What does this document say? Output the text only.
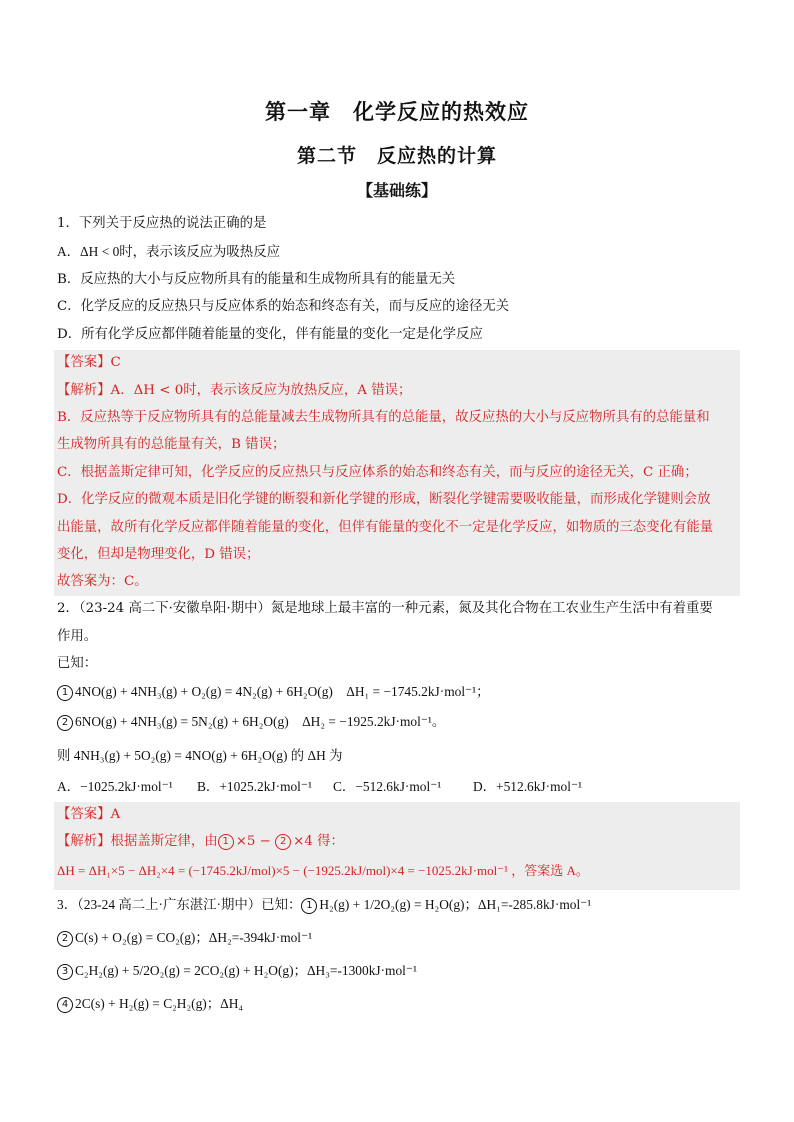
第一章　化学反应的热效应
第二节　反应热的计算
【基础练】
1．下列关于反应热的说法正确的是
A．ΔH < 0时，表示该反应为吸热反应
B．反应热的大小与反应物所具有的能量和生成物所具有的能量无关
C．化学反应的反应热只与反应体系的始态和终态有关，而与反应的途径无关
D．所有化学反应都伴随着能量的变化，伴有能量的变化一定是化学反应
【答案】C
【解析】A．ΔH < 0时，表示该反应为放热反应，A 错误；
B．反应热等于反应物所具有的总能量减去生成物所具有的总能量，故反应热的大小与反应物所具有的总能量和
生成物所具有的总能量有关，B 错误；
C．根据盖斯定律可知，化学反应的反应热只与反应体系的始态和终态有关，而与反应的途径无关，C 正确；
D．化学反应的微观本质是旧化学键的断裂和新化学键的形成，断裂化学键需要吸收能量，而形成化学键则会放
出能量，故所有化学反应都伴随着能量的变化，但伴有能量的变化不一定是化学反应，如物质的三态变化有能量
变化，但却是物理变化，D 错误；
故答案为：C。
2．（23-24 高二下·安徽阜阳·期中）氮是地球上最丰富的一种元素，氮及其化合物在工农业生产生活中有着重要
作用。
已知：
1 4NO(g) + 4NH₃(g) + O₂(g) = 4N₂(g) + 6H₂O(g)　ΔH₁ = −1745.2kJ·mol⁻¹；
2 6NO(g) + 4NH₃(g) = 5N₂(g) + 6H₂O(g)　ΔH₂ = −1925.2kJ·mol⁻¹。
则 4NH₃(g) + 5O₂(g) = 4NO(g) + 6H₂O(g) 的 ΔH 为
A．−1025.2kJ·mol⁻¹ B．+1025.2kJ·mol⁻¹ C．−512.6kJ·mol⁻¹ D．+512.6kJ·mol⁻¹
【答案】A
【解析】根据盖斯定律，由 1 ×5 − 2 ×4 得：
ΔH = ΔH₁×5 − ΔH₂×4 = (−1745.2kJ/mol)×5 − (−1925.2kJ/mol)×4 = −1025.2kJ·mol⁻¹ ，答案选 A。
3．（23-24 高二上·广东湛江·期中）已知： 1 H₂(g) + 1/2O₂(g) = H₂O(g)；ΔH₁=-285.8kJ·mol⁻¹
2 C(s) + O₂(g) = CO₂(g)；ΔH₂=-394kJ·mol⁻¹
3 C₂H₂(g) + 5/2O₂(g) = 2CO₂(g) + H₂O(g)；ΔH₃=-1300kJ·mol⁻¹
4 2C(s) + H₂(g) = C₂H₂(g)；ΔH₄
